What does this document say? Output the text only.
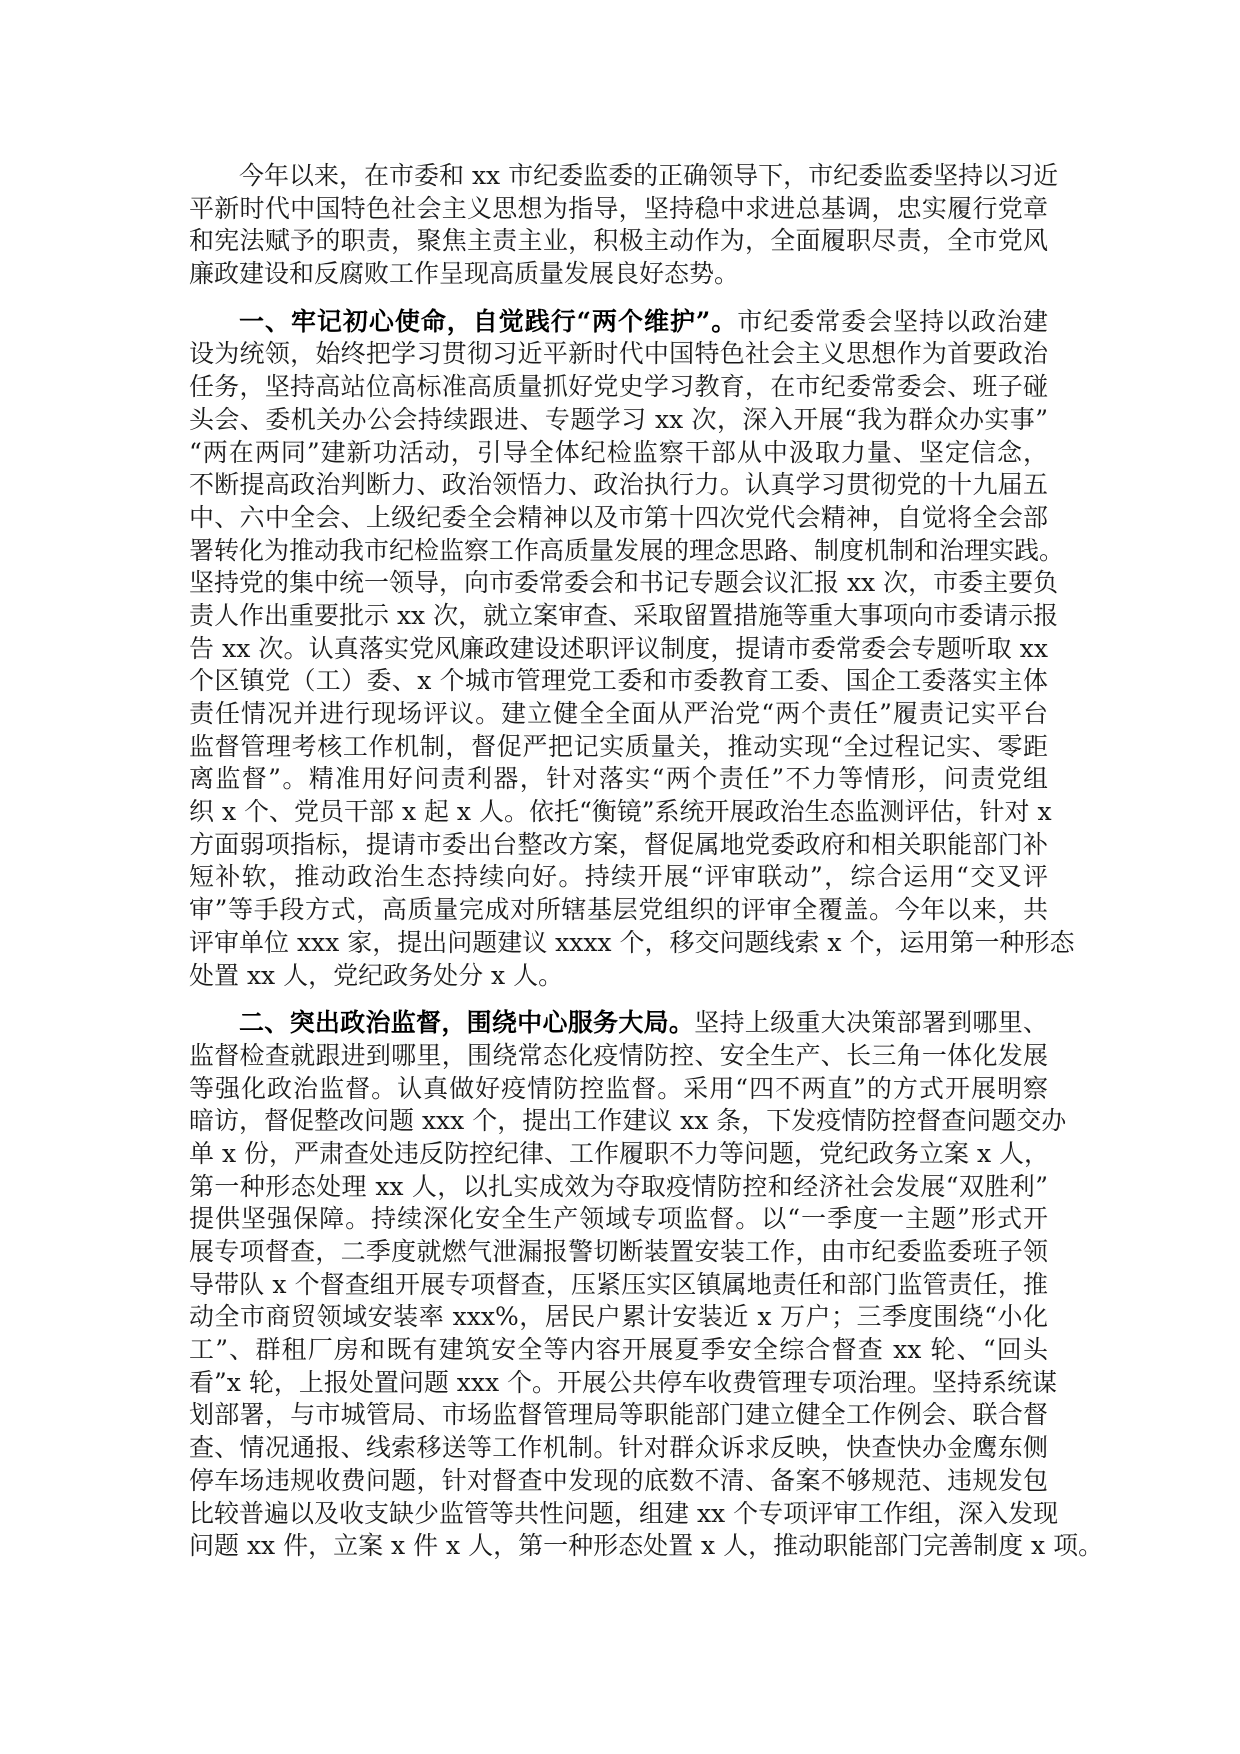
今年以来，在市委和 xx 市纪委监委的正确领导下，市纪委监委坚持以习近
平新时代中国特色社会主义思想为指导，坚持稳中求进总基调，忠实履行党章
和宪法赋予的职责，聚焦主责主业，积极主动作为，全面履职尽责，全市党风
廉政建设和反腐败工作呈现高质量发展良好态势。
一、牢记初心使命，自觉践行“两个维护”。市纪委常委会坚持以政治建
设为统领，始终把学习贯彻习近平新时代中国特色社会主义思想作为首要政治
任务，坚持高站位高标准高质量抓好党史学习教育，在市纪委常委会、班子碰
头会、委机关办公会持续跟进、专题学习 xx 次，深入开展“我为群众办实事”
“两在两同”建新功活动，引导全体纪检监察干部从中汲取力量、坚定信念，
不断提高政治判断力、政治领悟力、政治执行力。认真学习贯彻党的十九届五
中、六中全会、上级纪委全会精神以及市第十四次党代会精神，自觉将全会部
署转化为推动我市纪检监察工作高质量发展的理念思路、制度机制和治理实践。
坚持党的集中统一领导，向市委常委会和书记专题会议汇报 xx 次，市委主要负
责人作出重要批示 xx 次，就立案审查、采取留置措施等重大事项向市委请示报
告 xx 次。认真落实党风廉政建设述职评议制度，提请市委常委会专题听取 xx
个区镇党（工）委、x 个城市管理党工委和市委教育工委、国企工委落实主体
责任情况并进行现场评议。建立健全全面从严治党“两个责任”履责记实平台
监督管理考核工作机制，督促严把记实质量关，推动实现“全过程记实、零距
离监督”。精准用好问责利器，针对落实“两个责任”不力等情形，问责党组
织 x 个、党员干部 x 起 x 人。依托“衡镜”系统开展政治生态监测评估，针对 x
方面弱项指标，提请市委出台整改方案，督促属地党委政府和相关职能部门补
短补软，推动政治生态持续向好。持续开展“评审联动”，综合运用“交叉评
审”等手段方式，高质量完成对所辖基层党组织的评审全覆盖。今年以来，共
评审单位 xxx 家，提出问题建议 xxxx 个，移交问题线索 x 个，运用第一种形态
处置 xx 人，党纪政务处分 x 人。
二、突出政治监督，围绕中心服务大局。坚持上级重大决策部署到哪里、
监督检查就跟进到哪里，围绕常态化疫情防控、安全生产、长三角一体化发展
等强化政治监督。认真做好疫情防控监督。采用“四不两直”的方式开展明察
暗访，督促整改问题 xxx 个，提出工作建议 xx 条，下发疫情防控督查问题交办
单 x 份，严肃查处违反防控纪律、工作履职不力等问题，党纪政务立案 x 人，
第一种形态处理 xx 人，以扎实成效为夺取疫情防控和经济社会发展“双胜利”
提供坚强保障。持续深化安全生产领域专项监督。以“一季度一主题”形式开
展专项督查，二季度就燃气泄漏报警切断装置安装工作，由市纪委监委班子领
导带队 x 个督查组开展专项督查，压紧压实区镇属地责任和部门监管责任，推
动全市商贸领域安装率 xxx%，居民户累计安装近 x 万户；三季度围绕“小化
工”、群租厂房和既有建筑安全等内容开展夏季安全综合督查 xx 轮、“回头
看”x 轮，上报处置问题 xxx 个。开展公共停车收费管理专项治理。坚持系统谋
划部署，与市城管局、市场监督管理局等职能部门建立健全工作例会、联合督
查、情况通报、线索移送等工作机制。针对群众诉求反映，快查快办金鹰东侧
停车场违规收费问题，针对督查中发现的底数不清、备案不够规范、违规发包
比较普遍以及收支缺少监管等共性问题，组建 xx 个专项评审工作组，深入发现
问题 xx 件，立案 x 件 x 人，第一种形态处置 x 人，推动职能部门完善制度 x 项。
